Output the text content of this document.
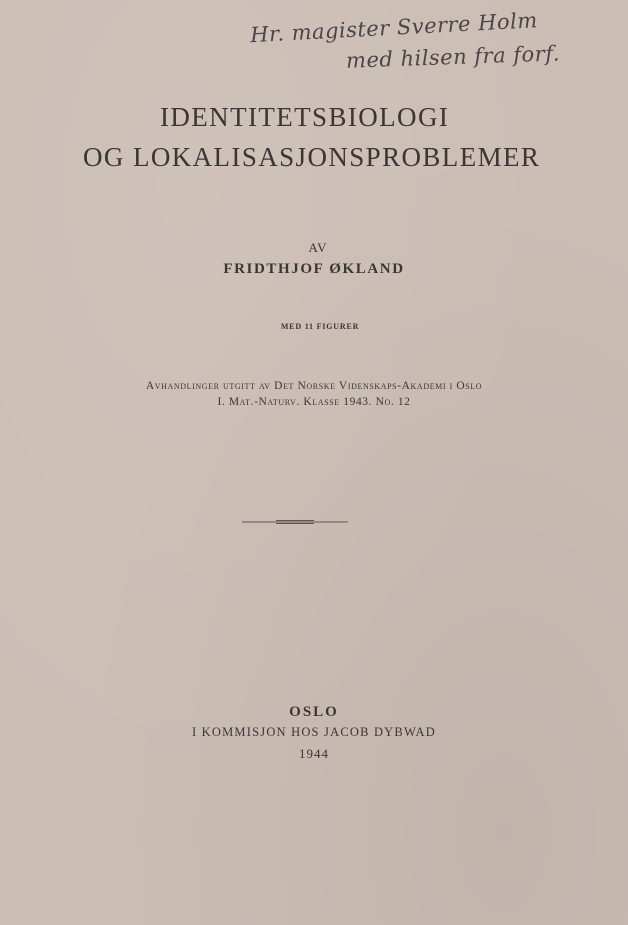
Hr. magister Sverre Holm
med hilsen fra forf.
IDENTITETSBIOLOGI
OG LOKALISASJONSPROBLEMER
AV
FRIDTHJOF ØKLAND
MED 11 FIGURER
Avhandlinger utgitt av Det Norske Videnskaps-Akademi i Oslo
I. Mat.-Naturv. Klasse 1943. No. 12
OSLO
I KOMMISJON HOS JACOB DYBWAD
1944
